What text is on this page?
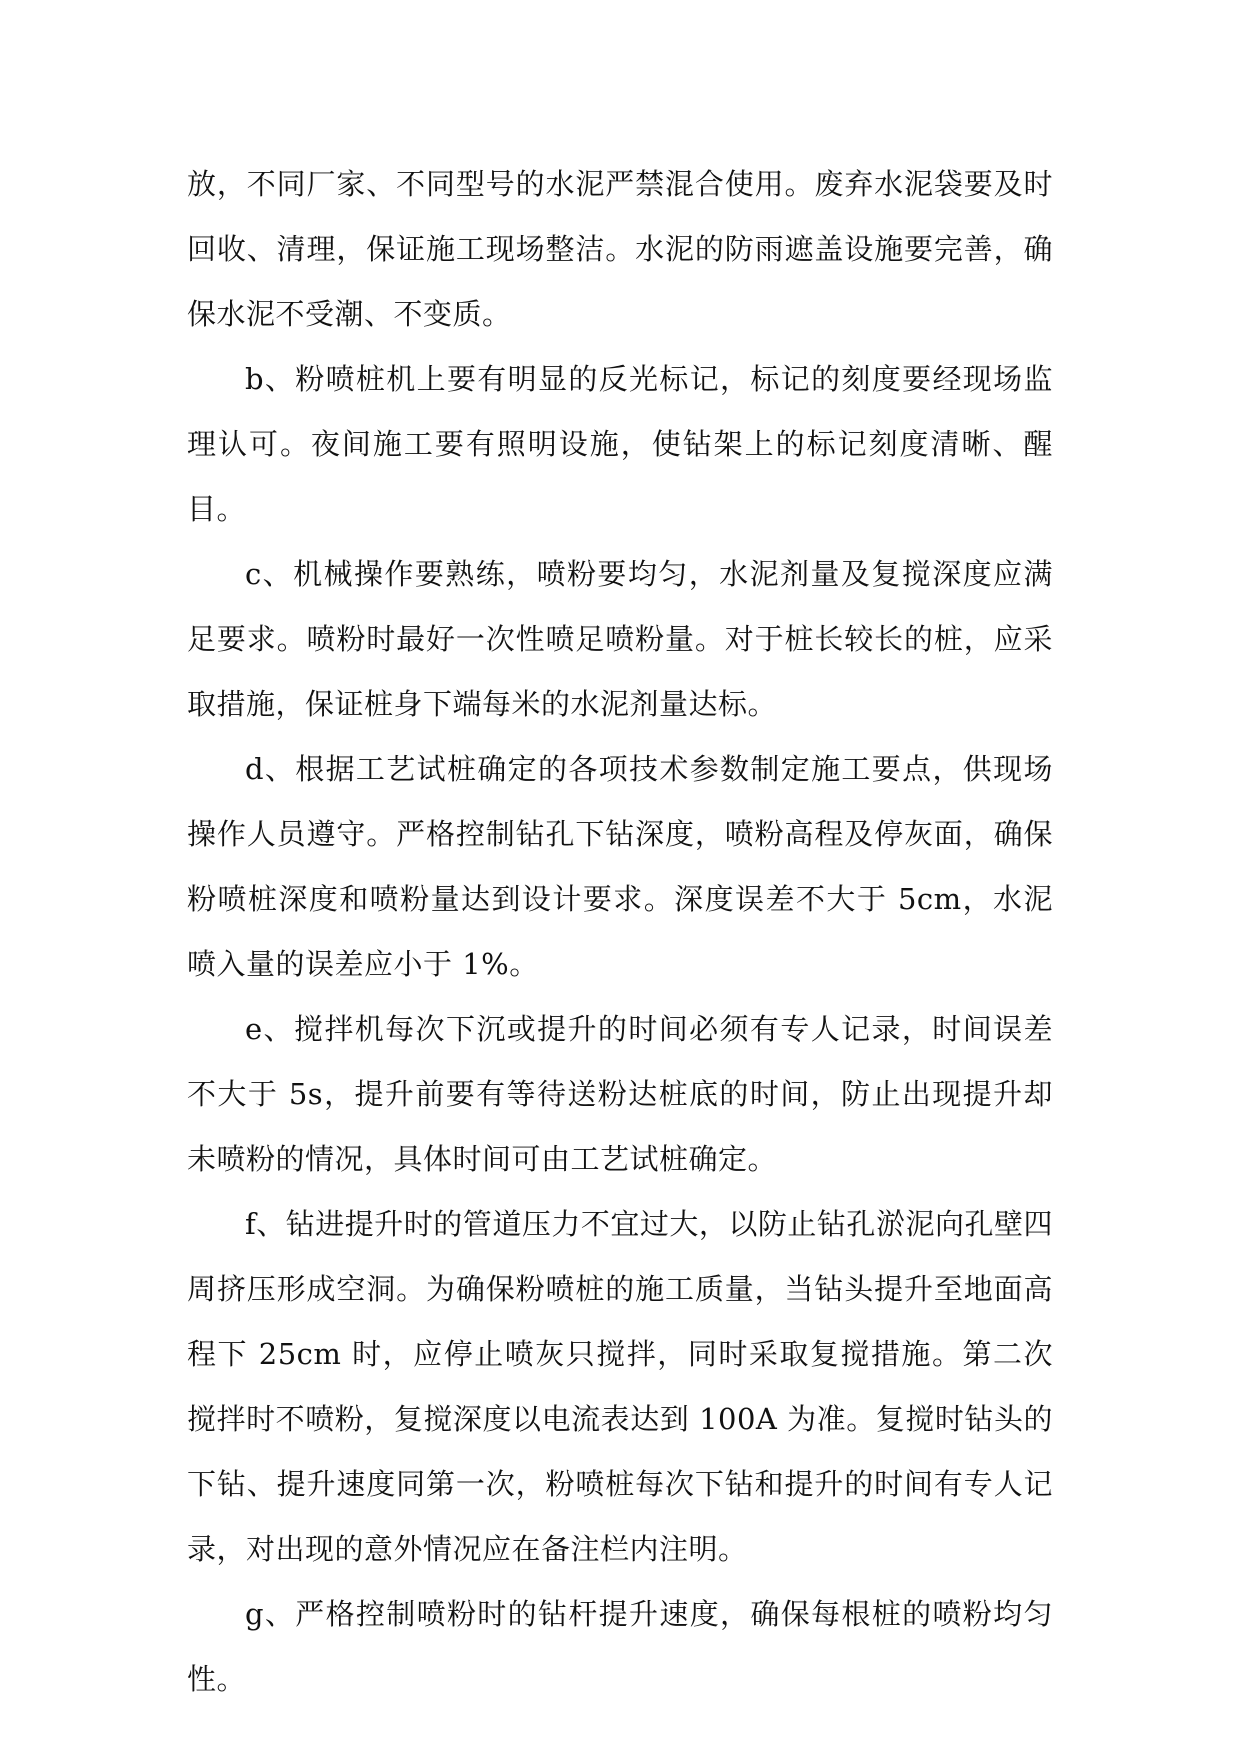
放，不同厂家、不同型号的水泥严禁混合使用。废弃水泥袋要及时回收、清理，保证施工现场整洁。水泥的防雨遮盖设施要完善，确保水泥不受潮、不变质。

b、粉喷桩机上要有明显的反光标记，标记的刻度要经现场监理认可。夜间施工要有照明设施，使钻架上的标记刻度清晰、醒目。

c、机械操作要熟练，喷粉要均匀，水泥剂量及复搅深度应满足要求。喷粉时最好一次性喷足喷粉量。对于桩长较长的桩，应采取措施，保证桩身下端每米的水泥剂量达标。

d、根据工艺试桩确定的各项技术参数制定施工要点，供现场操作人员遵守。严格控制钻孔下钻深度，喷粉高程及停灰面，确保粉喷桩深度和喷粉量达到设计要求。深度误差不大于 5cm，水泥喷入量的误差应小于 1%。

e、搅拌机每次下沉或提升的时间必须有专人记录，时间误差不大于 5s，提升前要有等待送粉达桩底的时间，防止出现提升却未喷粉的情况，具体时间可由工艺试桩确定。

f、钻进提升时的管道压力不宜过大，以防止钻孔淤泥向孔壁四周挤压形成空洞。为确保粉喷桩的施工质量，当钻头提升至地面高程下 25cm 时，应停止喷灰只搅拌，同时采取复搅措施。第二次搅拌时不喷粉，复搅深度以电流表达到 100A 为准。复搅时钻头的下钻、提升速度同第一次，粉喷桩每次下钻和提升的时间有专人记录，对出现的意外情况应在备注栏内注明。

g、严格控制喷粉时的钻杆提升速度，确保每根桩的喷粉均匀性。
